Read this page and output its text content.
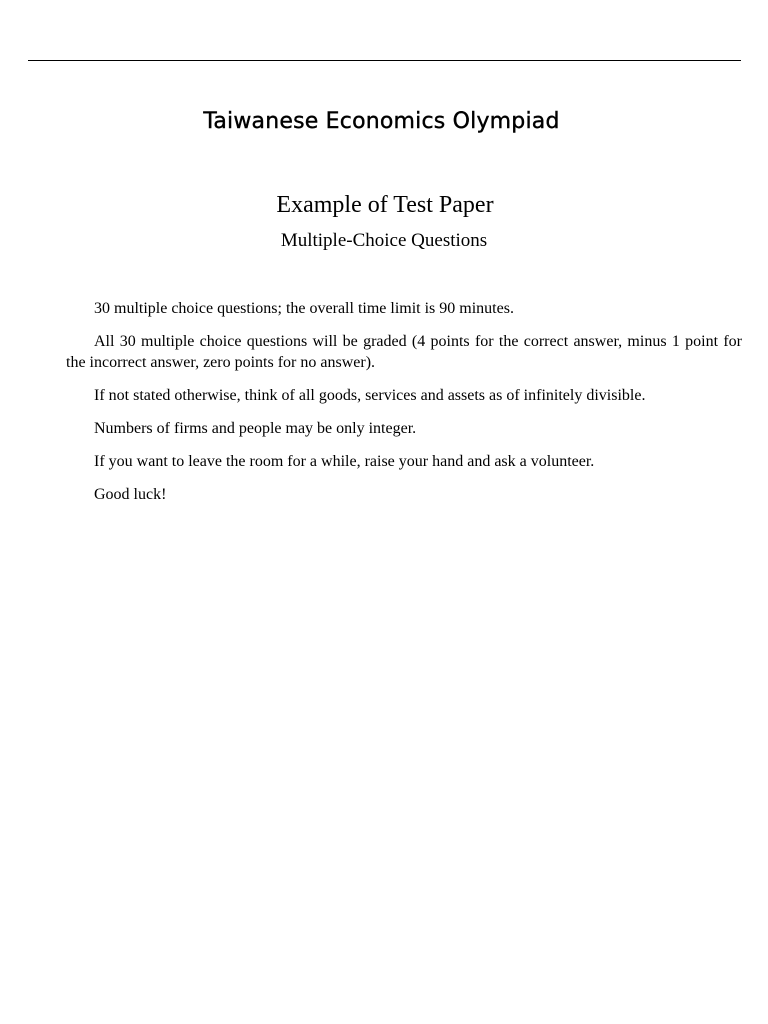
Taiwanese Economics Olympiad
Example of Test Paper
Multiple-Choice Questions

30 multiple choice questions; the overall time limit is 90 minutes.

All 30 multiple choice questions will be graded (4 points for the correct answer, minus 1 point for the incorrect answer, zero points for no answer).

If not stated otherwise, think of all goods, services and assets as of infinitely divisible.

Numbers of firms and people may be only integer.

If you want to leave the room for a while, raise your hand and ask a volunteer.

Good luck!
